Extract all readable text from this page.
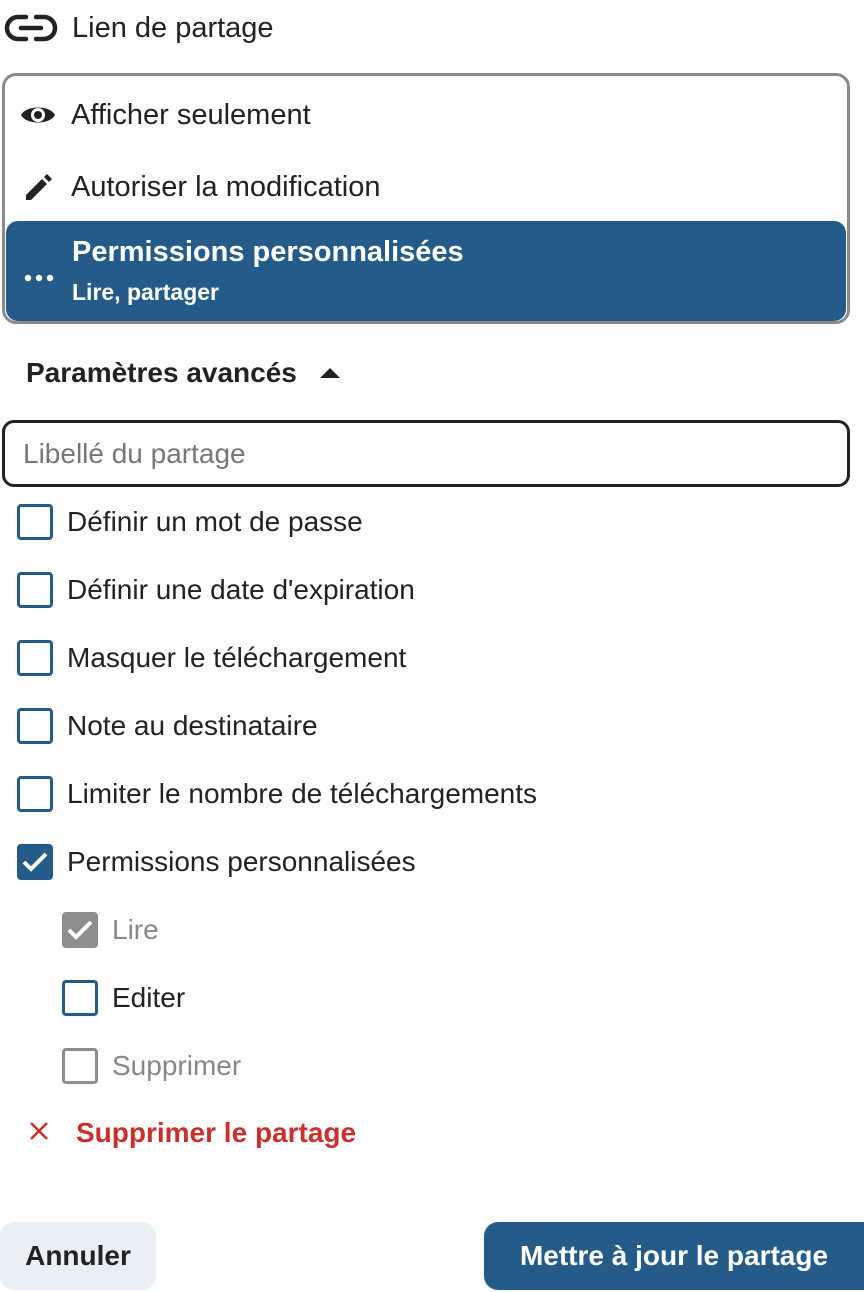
Lien de partage
Afficher seulement
Autoriser la modification
Permissions personnalisées
Lire, partager
Paramètres avancés
Libellé du partage
Définir un mot de passe
Définir une date d'expiration
Masquer le téléchargement
Note au destinataire
Limiter le nombre de téléchargements
Permissions personnalisées
Lire
Editer
Supprimer
Supprimer le partage
Annuler	Mettre à jour le partage
